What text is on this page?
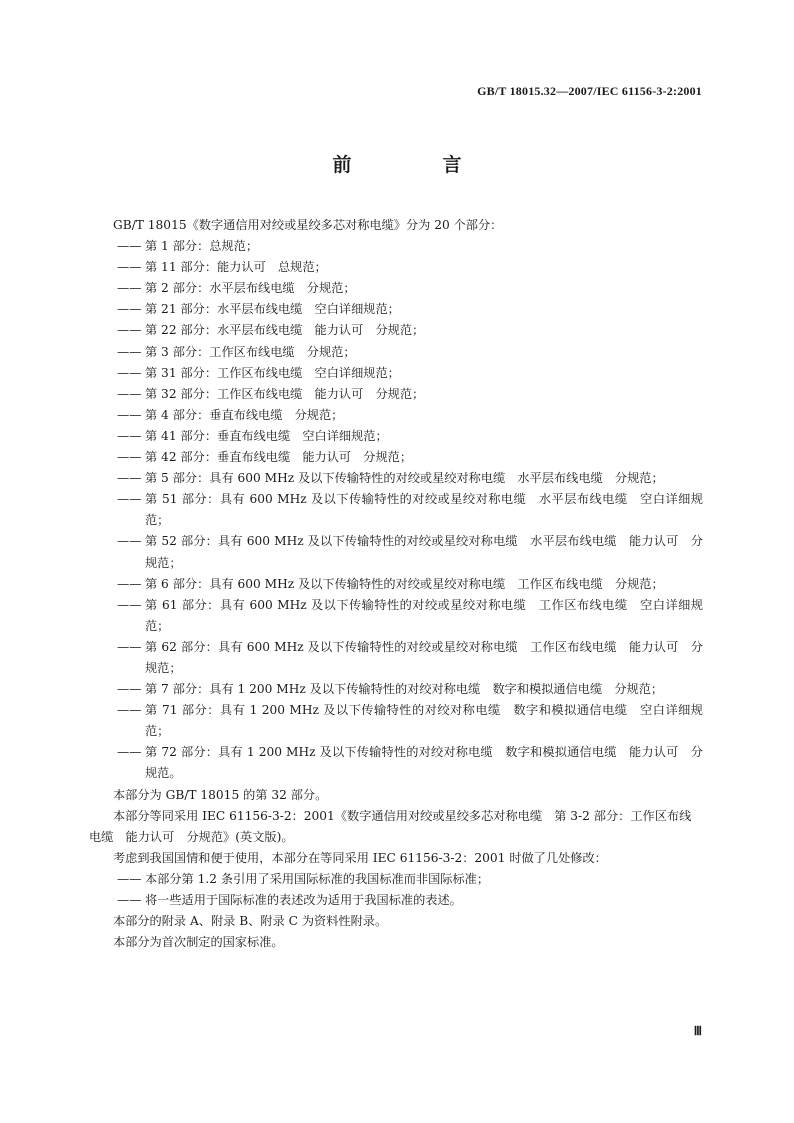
GB/T 18015.32—2007/IEC 61156-3-2:2001
前　言

GB/T 18015《数字通信用对绞或星绞多芯对称电缆》分为 20 个部分：

—— 第 1 部分：总规范；
—— 第 11 部分：能力认可　总规范；
—— 第 2 部分：水平层布线电缆　分规范；
—— 第 21 部分：水平层布线电缆　空白详细规范；
—— 第 22 部分：水平层布线电缆　能力认可　分规范；
—— 第 3 部分：工作区布线电缆　分规范；
—— 第 31 部分：工作区布线电缆　空白详细规范；
—— 第 32 部分：工作区布线电缆　能力认可　分规范；
—— 第 4 部分：垂直布线电缆　分规范；
—— 第 41 部分：垂直布线电缆　空白详细规范；
—— 第 42 部分：垂直布线电缆　能力认可　分规范；
—— 第 5 部分：具有 600 MHz 及以下传输特性的对绞或星绞对称电缆　水平层布线电缆　分规范；
—— 第 51 部分：具有 600 MHz 及以下传输特性的对绞或星绞对称电缆　水平层布线电缆　空白详细规范；
—— 第 52 部分：具有 600 MHz 及以下传输特性的对绞或星绞对称电缆　水平层布线电缆　能力认可　分规范；
—— 第 6 部分：具有 600 MHz 及以下传输特性的对绞或星绞对称电缆　工作区布线电缆　分规范；
—— 第 61 部分：具有 600 MHz 及以下传输特性的对绞或星绞对称电缆　工作区布线电缆　空白详细规范；
—— 第 62 部分：具有 600 MHz 及以下传输特性的对绞或星绞对称电缆　工作区布线电缆　能力认可　分规范；
—— 第 7 部分：具有 1 200 MHz 及以下传输特性的对绞对称电缆　数字和模拟通信电缆　分规范；
—— 第 71 部分：具有 1 200 MHz 及以下传输特性的对绞对称电缆　数字和模拟通信电缆　空白详细规范；
—— 第 72 部分：具有 1 200 MHz 及以下传输特性的对绞对称电缆　数字和模拟通信电缆　能力认可　分规范。

本部分为 GB/T 18015 的第 32 部分。

本部分等同采用 IEC 61156-3-2：2001《数字通信用对绞或星绞多芯对称电缆　第 3-2 部分：工作区布线电缆　能力认可　分规范》(英文版)。

考虑到我国国情和便于使用，本部分在等同采用 IEC 61156-3-2：2001 时做了几处修改：

—— 本部分第 1.2 条引用了采用国际标准的我国标准而非国际标准；
—— 将一些适用于国际标准的表述改为适用于我国标准的表述。

本部分的附录 A、附录 B、附录 C 为资料性附录。

本部分为首次制定的国家标准。

Ⅲ
